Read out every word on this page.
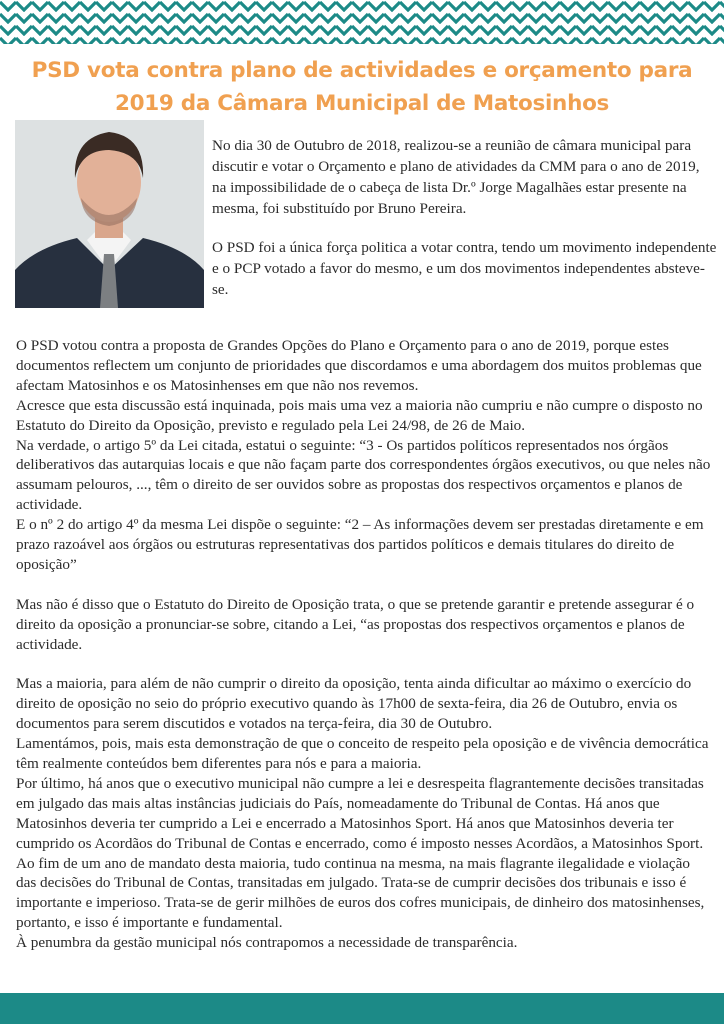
PSD vota contra plano de actividades e orçamento para
2019 da Câmara Municipal de Matosinhos

No dia 30 de Outubro de 2018, realizou-se a reunião de câmara municipal para discutir e votar o Orçamento e plano de atividades da CMM para o ano de 2019, na impossibilidade de o cabeça de lista Dr.º Jorge Magalhães estar presente na mesma, foi substituído por Bruno Pereira.

O PSD foi a única força politica a votar contra, tendo um movimento independente e o PCP votado a favor do mesmo, e um dos movimentos independentes absteve-se.

O PSD votou contra a proposta de Grandes Opções do Plano e Orçamento para o ano de 2019, porque estes documentos reflectem um conjunto de prioridades que discordamos e uma abordagem dos muitos problemas que afectam Matosinhos e os Matosinhenses em que não nos revemos.
Acresce que esta discussão está inquinada, pois mais uma vez a maioria não cumpriu e não cumpre o disposto no Estatuto do Direito da Oposição, previsto e regulado pela Lei 24/98, de 26 de Maio.
Na verdade, o artigo 5º da Lei citada, estatui o seguinte: “3 - Os partidos políticos representados nos órgãos deliberativos das autarquias locais e que não façam parte dos correspondentes órgãos executivos, ou que neles não assumam pelouros, ..., têm o direito de ser ouvidos sobre as propostas dos respectivos orçamentos e planos de actividade.
E o nº 2 do artigo 4º da mesma Lei dispõe o seguinte: “2 – As informações devem ser prestadas diretamente e em prazo razoável aos órgãos ou estruturas representativas dos partidos políticos e demais titulares do direito de oposição”

Mas não é disso que o Estatuto do Direito de Oposição trata, o que se pretende garantir e pretende assegurar é o direito da oposição a pronunciar-se sobre, citando a Lei, “as propostas dos respectivos orçamentos e planos de actividade.

Mas a maioria, para além de não cumprir o direito da oposição, tenta ainda dificultar ao máximo o exercício do direito de oposição no seio do próprio executivo quando às 17h00 de sexta-feira, dia 26 de Outubro, envia os documentos para serem discutidos e votados na terça-feira, dia 30 de Outubro.
Lamentámos, pois, mais esta demonstração de que o conceito de respeito pela oposição e de vivência democrática têm realmente conteúdos bem diferentes para nós e para a maioria.
Por último, há anos que o executivo municipal não cumpre a lei e desrespeita flagrantemente decisões transitadas em julgado das mais altas instâncias judiciais do País, nomeadamente do Tribunal de Contas. Há anos que Matosinhos deveria ter cumprido a Lei e encerrado a Matosinhos Sport. Há anos que Matosinhos deveria ter cumprido os Acordãos do Tribunal de Contas e encerrado, como é imposto nesses Acordãos, a Matosinhos Sport.
Ao fim de um ano de mandato desta maioria, tudo continua na mesma, na mais flagrante ilegalidade e violação das decisões do Tribunal de Contas, transitadas em julgado. Trata-se de cumprir decisões dos tribunais e isso é importante e imperioso. Trata-se de gerir milhões de euros dos cofres municipais, de dinheiro dos matosinhenses, portanto, e isso é importante e fundamental.
À penumbra da gestão municipal nós contrapomos a necessidade de transparência.
